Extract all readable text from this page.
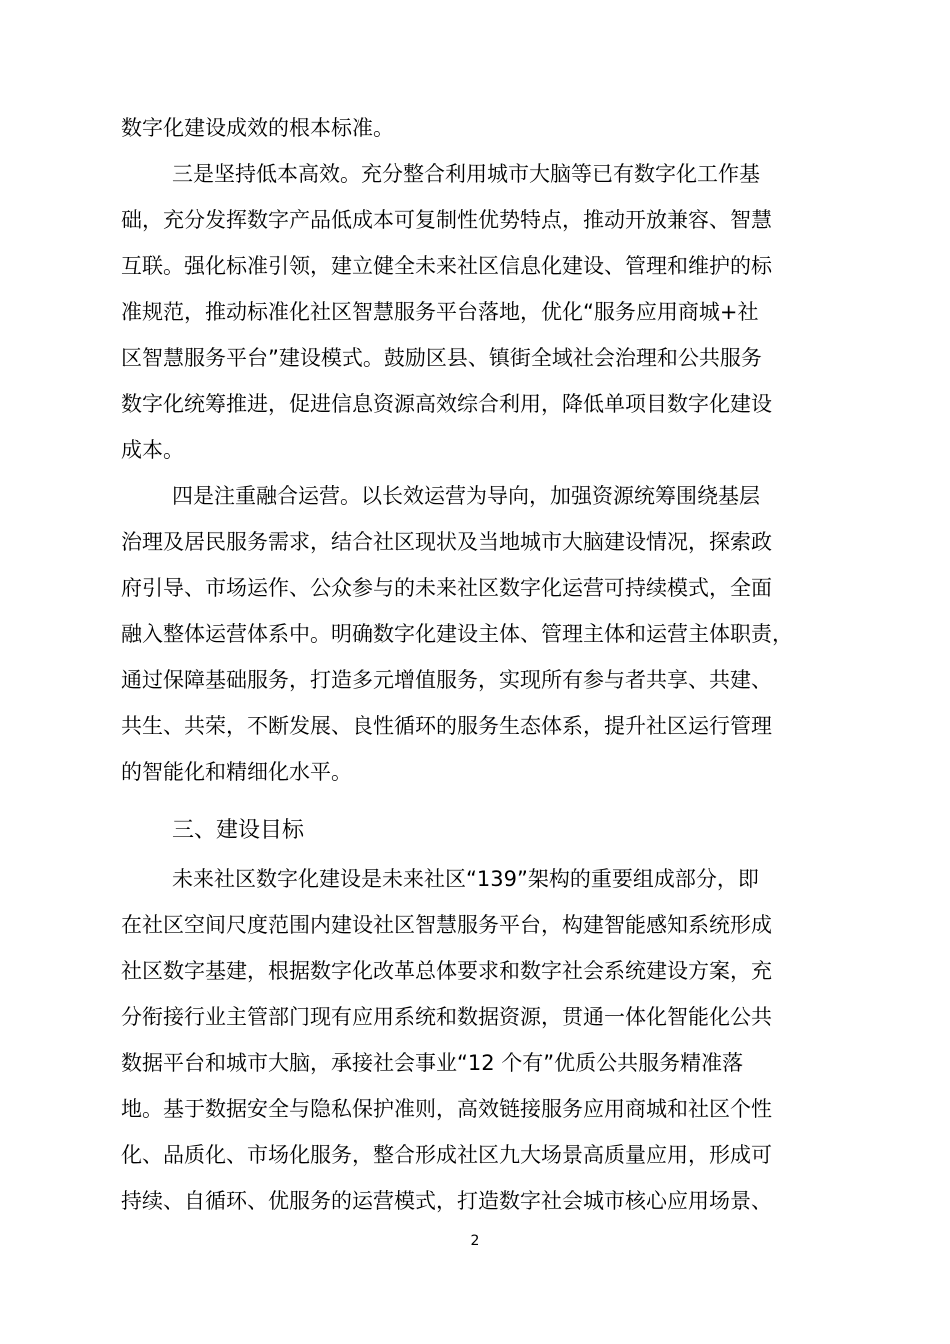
数字化建设成效的根本标准。
三是坚持低本高效。充分整合利用城市大脑等已有数字化工作基
础，充分发挥数字产品低成本可复制性优势特点，推动开放兼容、智慧
互联。强化标准引领，建立健全未来社区信息化建设、管理和维护的标
准规范，推动标准化社区智慧服务平台落地，优化“服务应用商城+社
区智慧服务平台”建设模式。鼓励区县、镇街全域社会治理和公共服务
数字化统筹推进，促进信息资源高效综合利用，降低单项目数字化建设
成本。
四是注重融合运营。以长效运营为导向，加强资源统筹围绕基层
治理及居民服务需求，结合社区现状及当地城市大脑建设情况，探索政
府引导、市场运作、公众参与的未来社区数字化运营可持续模式，全面
融入整体运营体系中。明确数字化建设主体、管理主体和运营主体职责，
通过保障基础服务，打造多元增值服务，实现所有参与者共享、共建、
共生、共荣，不断发展、良性循环的服务生态体系，提升社区运行管理
的智能化和精细化水平。
三、建设目标
未来社区数字化建设是未来社区“139”架构的重要组成部分，即
在社区空间尺度范围内建设社区智慧服务平台，构建智能感知系统形成
社区数字基建，根据数字化改革总体要求和数字社会系统建设方案，充
分衔接行业主管部门现有应用系统和数据资源，贯通一体化智能化公共
数据平台和城市大脑，承接社会事业“12 个有”优质公共服务精准落
地。基于数据安全与隐私保护准则，高效链接服务应用商城和社区个性
化、品质化、市场化服务，整合形成社区九大场景高质量应用，形成可
持续、自循环、优服务的运营模式，打造数字社会城市核心应用场景、
2
